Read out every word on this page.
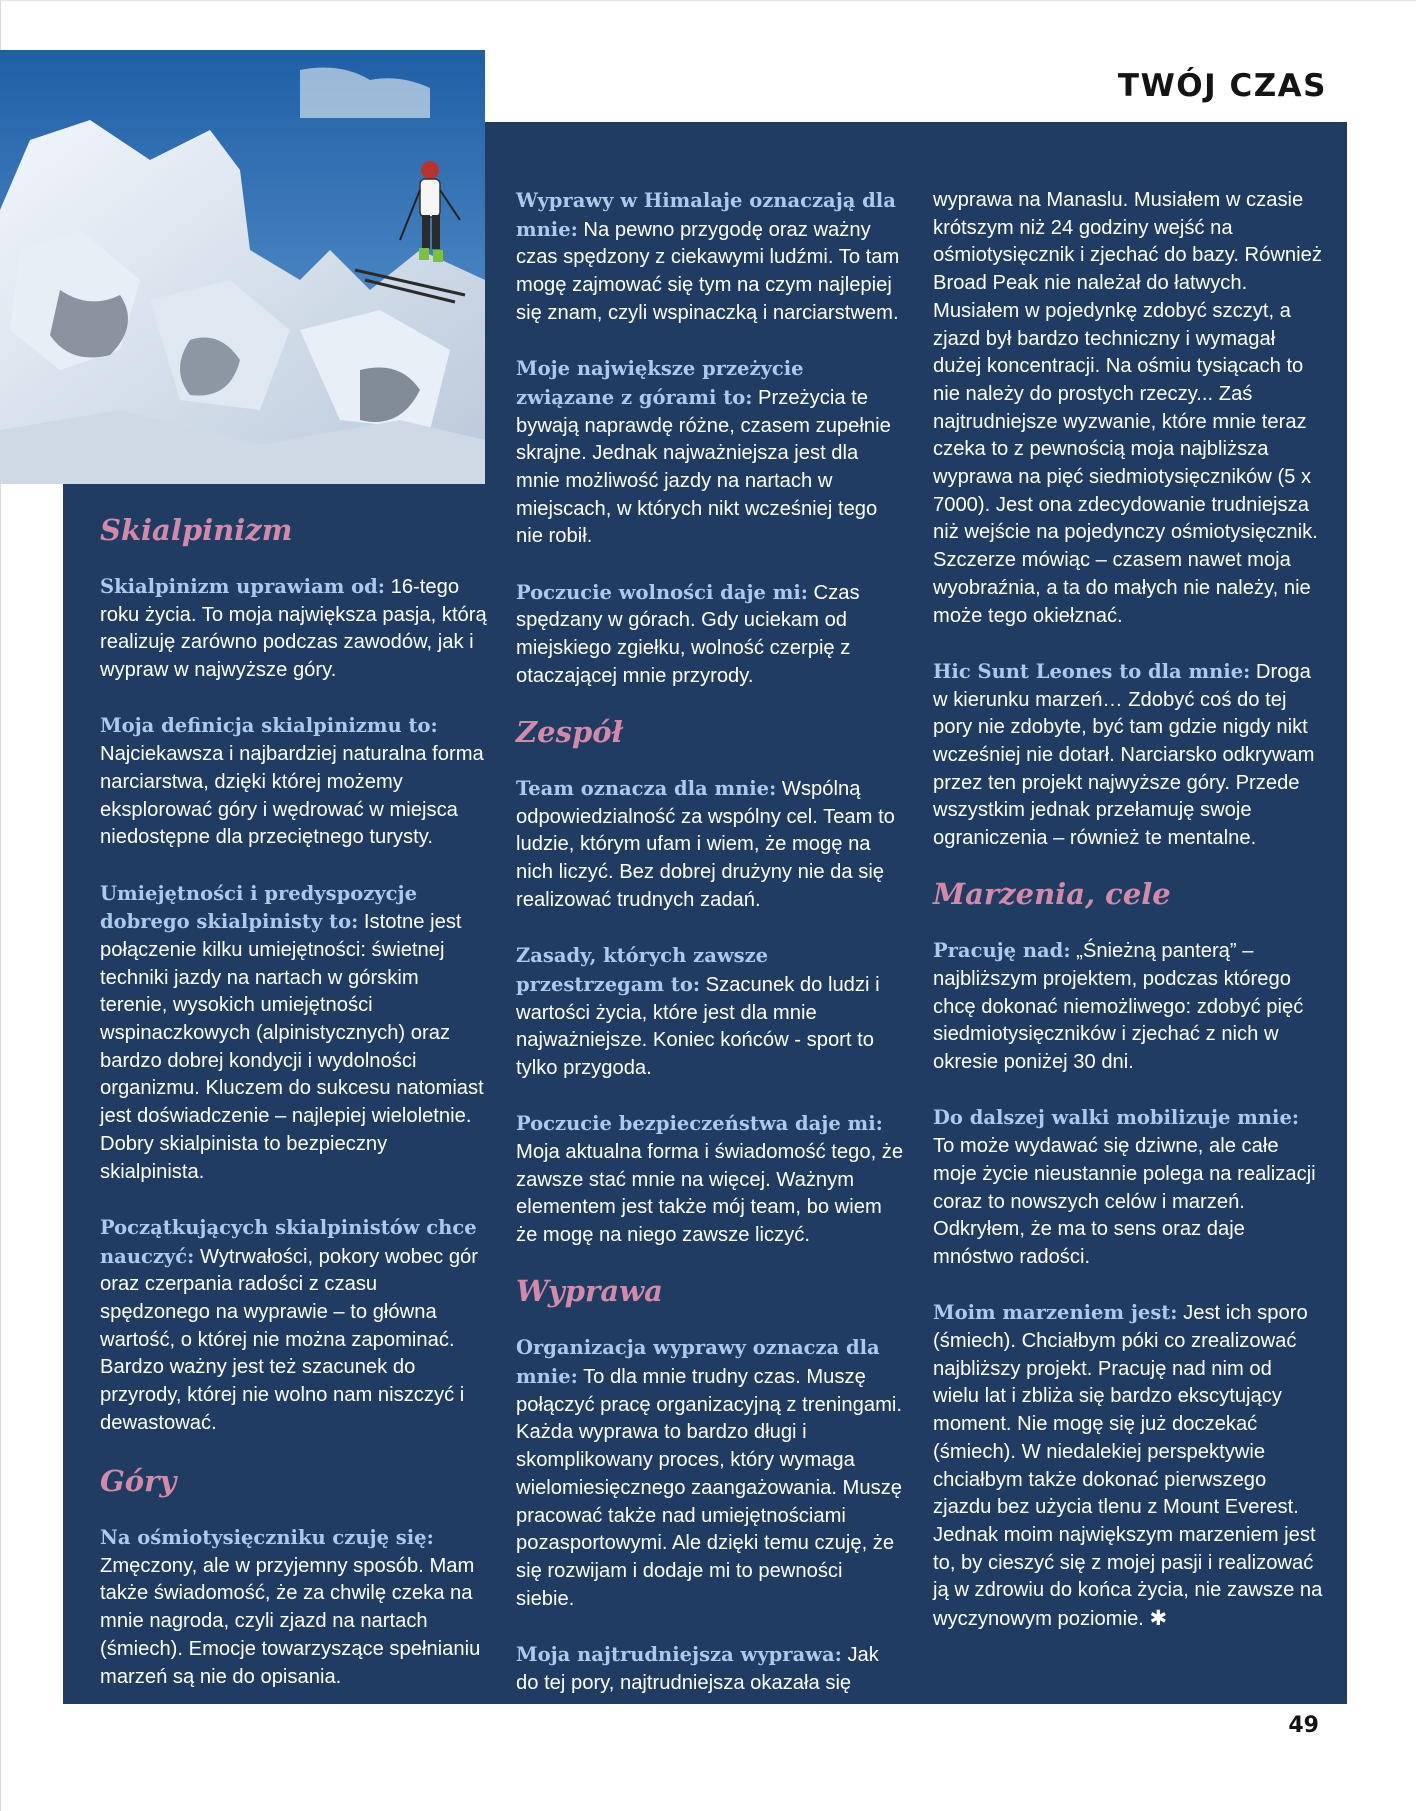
TWÓJ CZAS
Skialpinizm

Skialpinizm uprawiam od: 16-tego roku życia. To moja największa pasja, którą realizuję zarówno podczas zawodów, jak i wypraw w najwyższe góry.

Moja definicja skialpinizmu to: Najciekawsza i najbardziej naturalna forma narciarstwa, dzięki której możemy eksplorować góry i wędrować w miejsca niedostępne dla przeciętnego turysty.

Umiejętności i predyspozycje dobrego skialpinisty to: Istotne jest połączenie kilku umiejętności: świetnej techniki jazdy na nartach w górskim terenie, wysokich umiejętności wspinaczkowych (alpinistycznych) oraz bardzo dobrej kondycji i wydolności organizmu. Kluczem do sukcesu natomiast jest doświadczenie – najlepiej wieloletnie. Dobry skialpinista to bezpieczny skialpinista.

Początkujących skialpinistów chce nauczyć: Wytrwałości, pokory wobec gór oraz czerpania radości z czasu spędzonego na wyprawie – to główna wartość, o której nie można zapominać. Bardzo ważny jest też szacunek do przyrody, której nie wolno nam niszczyć i dewastować.

Góry

Na ośmiotysięczniku czuję się: Zmęczony, ale w przyjemny sposób. Mam także świadomość, że za chwilę czeka na mnie nagroda, czyli zjazd na nartach (śmiech). Emocje towarzyszące spełnianiu marzeń są nie do opisania.

Wyprawy w Himalaje oznaczają dla mnie: Na pewno przygodę oraz ważny czas spędzony z ciekawymi ludźmi. To tam mogę zajmować się tym na czym najlepiej się znam, czyli wspinaczką i narciarstwem.

Moje największe przeżycie związane z górami to: Przeżycia te bywają naprawdę różne, czasem zupełnie skrajne. Jednak najważniejsza jest dla mnie możliwość jazdy na nartach w miejscach, w których nikt wcześniej tego nie robił.

Poczucie wolności daje mi: Czas spędzany w górach. Gdy uciekam od miejskiego zgiełku, wolność czerpię z otaczającej mnie przyrody.

Zespół

Team oznacza dla mnie: Wspólną odpowiedzialność za wspólny cel. Team to ludzie, którym ufam i wiem, że mogę na nich liczyć. Bez dobrej drużyny nie da się realizować trudnych zadań.

Zasady, których zawsze przestrzegam to: Szacunek do ludzi i wartości życia, które jest dla mnie najważniejsze. Koniec końców - sport to tylko przygoda.

Poczucie bezpieczeństwa daje mi: Moja aktualna forma i świadomość tego, że zawsze stać mnie na więcej. Ważnym elementem jest także mój team, bo wiem że mogę na niego zawsze liczyć.

Wyprawa

Organizacja wyprawy oznacza dla mnie: To dla mnie trudny czas. Muszę połączyć pracę organizacyjną z treningami. Każda wyprawa to bardzo długi i skomplikowany proces, który wymaga wielomiesięcznego zaangażowania. Muszę pracować także nad umiejętnościami pozasportowymi. Ale dzięki temu czuję, że się rozwijam i dodaje mi to pewności siebie.

Moja najtrudniejsza wyprawa: Jak do tej pory, najtrudniejsza okazała się

wyprawa na Manaslu. Musiałem w czasie krótszym niż 24 godziny wejść na ośmiotysięcznik i zjechać do bazy. Również Broad Peak nie należał do łatwych. Musiałem w pojedynkę zdobyć szczyt, a zjazd był bardzo techniczny i wymagał dużej koncentracji. Na ośmiu tysiącach to nie należy do prostych rzeczy... Zaś najtrudniejsze wyzwanie, które mnie teraz czeka to z pewnością moja najbliższa wyprawa na pięć siedmiotysięczników (5 x 7000). Jest ona zdecydowanie trudniejsza niż wejście na pojedynczy ośmiotysięcznik. Szczerze mówiąc – czasem nawet moja wyobraźnia, a ta do małych nie należy, nie może tego okiełznać.

Hic Sunt Leones to dla mnie: Droga w kierunku marzeń… Zdobyć coś do tej pory nie zdobyte, być tam gdzie nigdy nikt wcześniej nie dotarł. Narciarsko odkrywam przez ten projekt najwyższe góry. Przede wszystkim jednak przełamuję swoje ograniczenia – również te mentalne.

Marzenia, cele

Pracuję nad: „Śnieżną panterą” – najbliższym projektem, podczas którego chcę dokonać niemożliwego: zdobyć pięć siedmiotysięczników i zjechać z nich w okresie poniżej 30 dni.

Do dalszej walki mobilizuje mnie: To może wydawać się dziwne, ale całe moje życie nieustannie polega na realizacji coraz to nowszych celów i marzeń. Odkryłem, że ma to sens oraz daje mnóstwo radości.

Moim marzeniem jest: Jest ich sporo (śmiech). Chciałbym póki co zrealizować najbliższy projekt. Pracuję nad nim od wielu lat i zbliża się bardzo ekscytujący moment. Nie mogę się już doczekać (śmiech). W niedalekiej perspektywie chciałbym także dokonać pierwszego zjazdu bez użycia tlenu z Mount Everest. Jednak moim największym marzeniem jest to, by cieszyć się z mojej pasji i realizować ją w zdrowiu do końca życia, nie zawsze na wyczynowym poziomie. ✱

49
